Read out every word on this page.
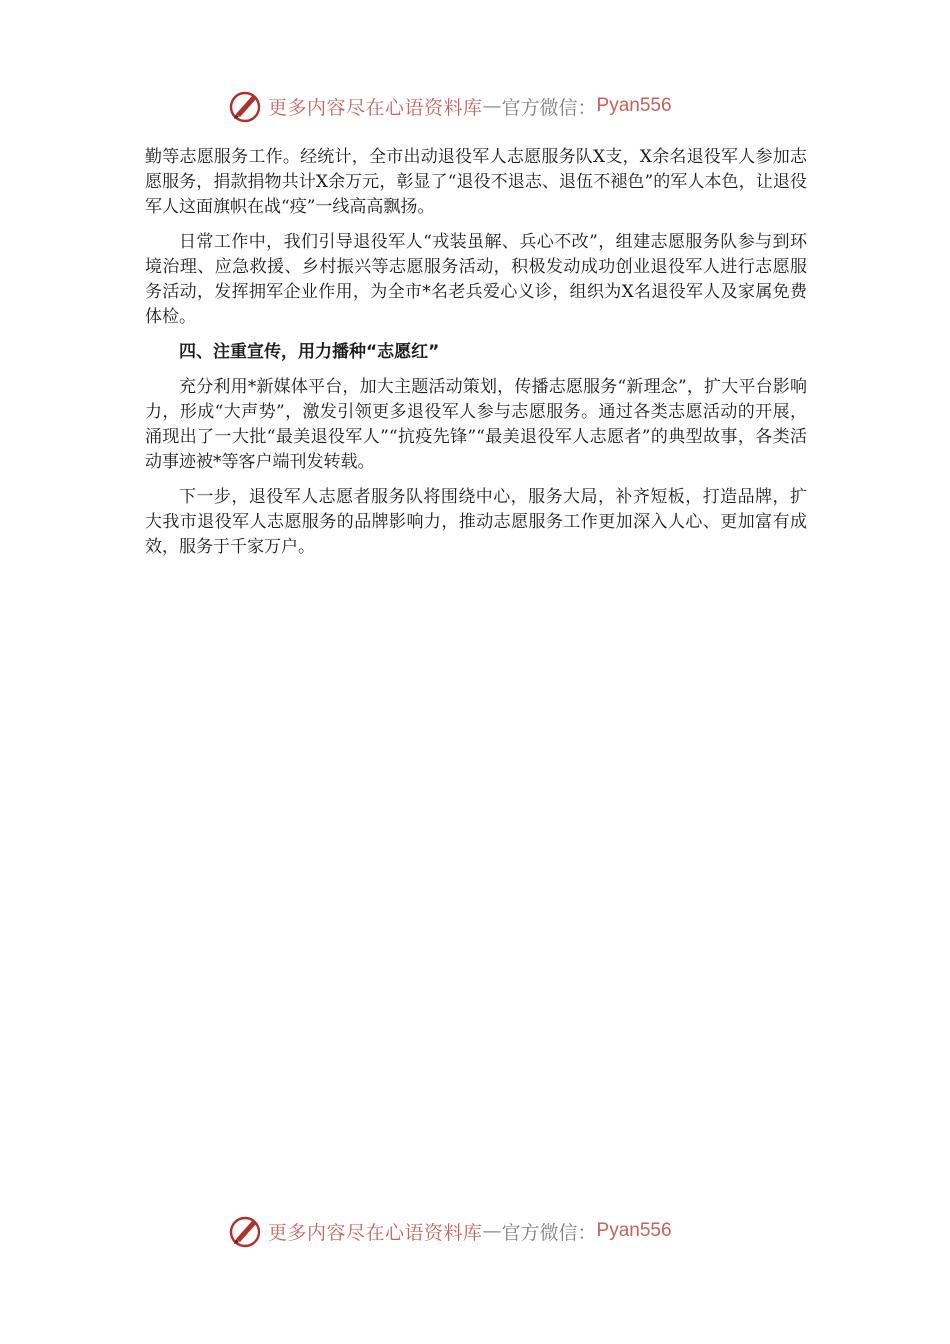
更多内容尽在心语资料库 — 官方微信： Pyan556

勤等志愿服务工作。经统计，全市出动退役军人志愿服务队X支，X余名退役军人参加志愿服务，捐款捐物共计X余万元，彰显了“退役不退志、退伍不褪色”的军人本色，让退役军人这面旗帜在战“疫”一线高高飘扬。

日常工作中，我们引导退役军人“戎装虽解、兵心不改”，组建志愿服务队参与到环境治理、应急救援、乡村振兴等志愿服务活动，积极发动成功创业退役军人进行志愿服务活动，发挥拥军企业作用，为全市*名老兵爱心义诊，组织为X名退役军人及家属免费体检。

四、注重宣传，用力播种“志愿红”

充分利用*新媒体平台，加大主题活动策划，传播志愿服务“新理念”，扩大平台影响力，形成“大声势”，激发引领更多退役军人参与志愿服务。通过各类志愿活动的开展，涌现出了一大批“最美退役军人”“抗疫先锋”“最美退役军人志愿者”的典型故事，各类活动事迹被*等客户端刊发转载。

下一步，退役军人志愿者服务队将围绕中心，服务大局，补齐短板，打造品牌，扩大我市退役军人志愿服务的品牌影响力，推动志愿服务工作更加深入人心、更加富有成效，服务于千家万户。

更多内容尽在心语资料库 — 官方微信： Pyan556
